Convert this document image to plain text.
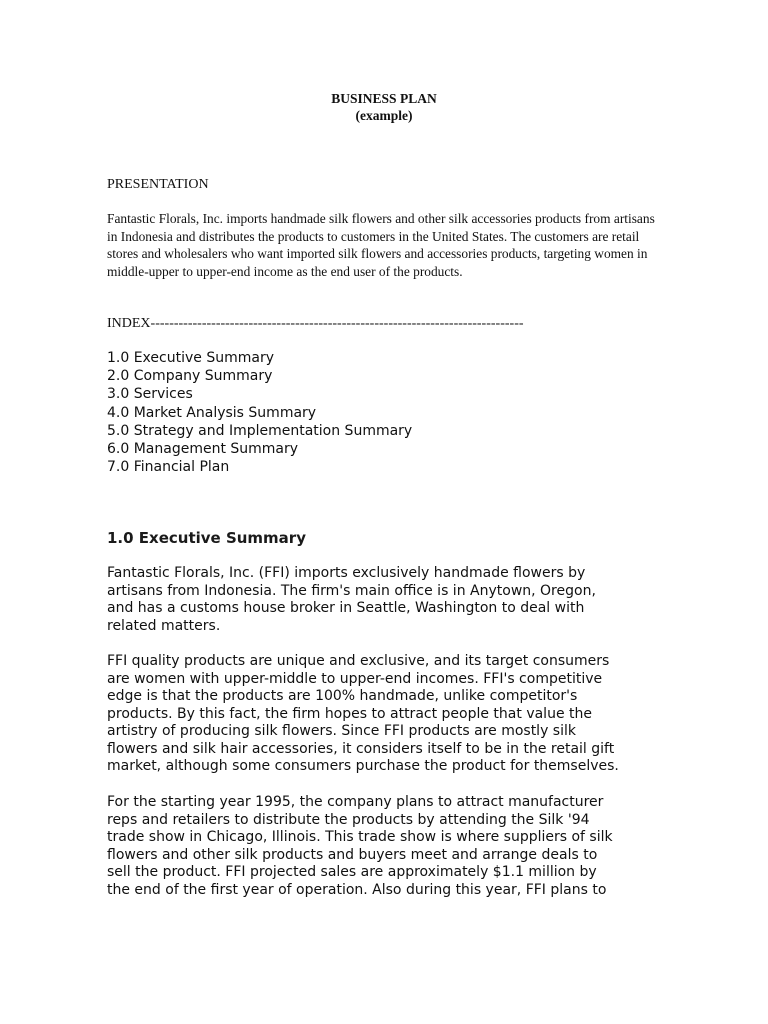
BUSINESS PLAN
(example)
PRESENTATION
Fantastic Florals, Inc. imports handmade silk flowers and other silk accessories products from artisans in Indonesia and distributes the products to customers in the United States. The customers are retail stores and wholesalers who want imported silk flowers and accessories products, targeting women in middle-upper to upper-end income as the end user of the products.
INDEX--------------------------------------------------------------------------------
1.0 Executive Summary
2.0 Company Summary
3.0 Services
4.0 Market Analysis Summary
5.0 Strategy and Implementation Summary
6.0 Management Summary
7.0 Financial Plan
1.0 Executive Summary

Fantastic Florals, Inc. (FFI) imports exclusively handmade flowers by
artisans from Indonesia. The firm's main office is in Anytown, Oregon,
and has a customs house broker in Seattle, Washington to deal with
related matters.

FFI quality products are unique and exclusive, and its target consumers
are women with upper-middle to upper-end incomes. FFI's competitive
edge is that the products are 100% handmade, unlike competitor's
products. By this fact, the firm hopes to attract people that value the
artistry of producing silk flowers. Since FFI products are mostly silk
flowers and silk hair accessories, it considers itself to be in the retail gift
market, although some consumers purchase the product for themselves.

For the starting year 1995, the company plans to attract manufacturer
reps and retailers to distribute the products by attending the Silk '94
trade show in Chicago, Illinois. This trade show is where suppliers of silk
flowers and other silk products and buyers meet and arrange deals to
sell the product. FFI projected sales are approximately $1.1 million by
the end of the first year of operation. Also during this year, FFI plans to
